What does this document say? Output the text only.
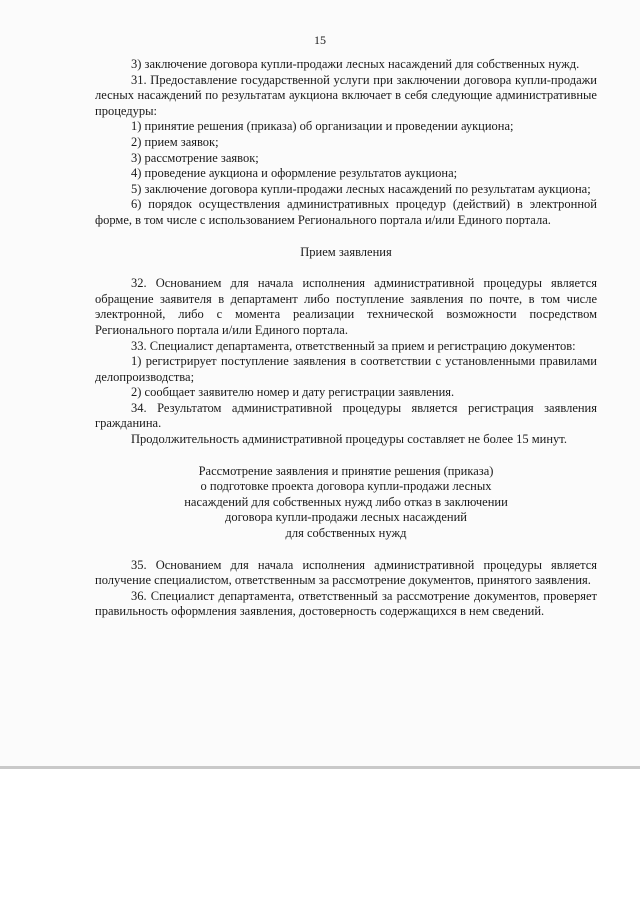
15

3) заключение договора купли-продажи лесных насаждений для собственных нужд.

31. Предоставление государственной услуги при заключении договора купли-продажи лесных насаждений по результатам аукциона включает в себя следующие административные процедуры:

1) принятие решения (приказа) об организации и проведении аукциона;

2) прием заявок;

3) рассмотрение заявок;

4) проведение аукциона и оформление результатов аукциона;

5) заключение договора купли-продажи лесных насаждений по результатам аукциона;

6) порядок осуществления административных процедур (действий) в электронной форме, в том числе с использованием Регионального портала и/или Единого портала.

Прием заявления

32. Основанием для начала исполнения административной процедуры является обращение заявителя в департамент либо поступление заявления по почте, в том числе электронной, либо с момента реализации технической возможности посредством Регионального портала и/или Единого портала.

33. Специалист департамента, ответственный за прием и регистрацию документов:

1) регистрирует поступление заявления в соответствии с установленными правилами делопроизводства;

2) сообщает заявителю номер и дату регистрации заявления.

34. Результатом административной процедуры является регистрация заявления гражданина.

Продолжительность административной процедуры составляет не более 15 минут.

Рассмотрение заявления и принятие решения (приказа)
о подготовке проекта договора купли-продажи лесных
насаждений для собственных нужд либо отказ в заключении
договора купли-продажи лесных насаждений
для собственных нужд

35. Основанием для начала исполнения административной процедуры является получение специалистом, ответственным за рассмотрение документов, принятого заявления.

36. Специалист департамента, ответственный за рассмотрение документов, проверяет правильность оформления заявления, достоверность содержащихся в нем сведений.
